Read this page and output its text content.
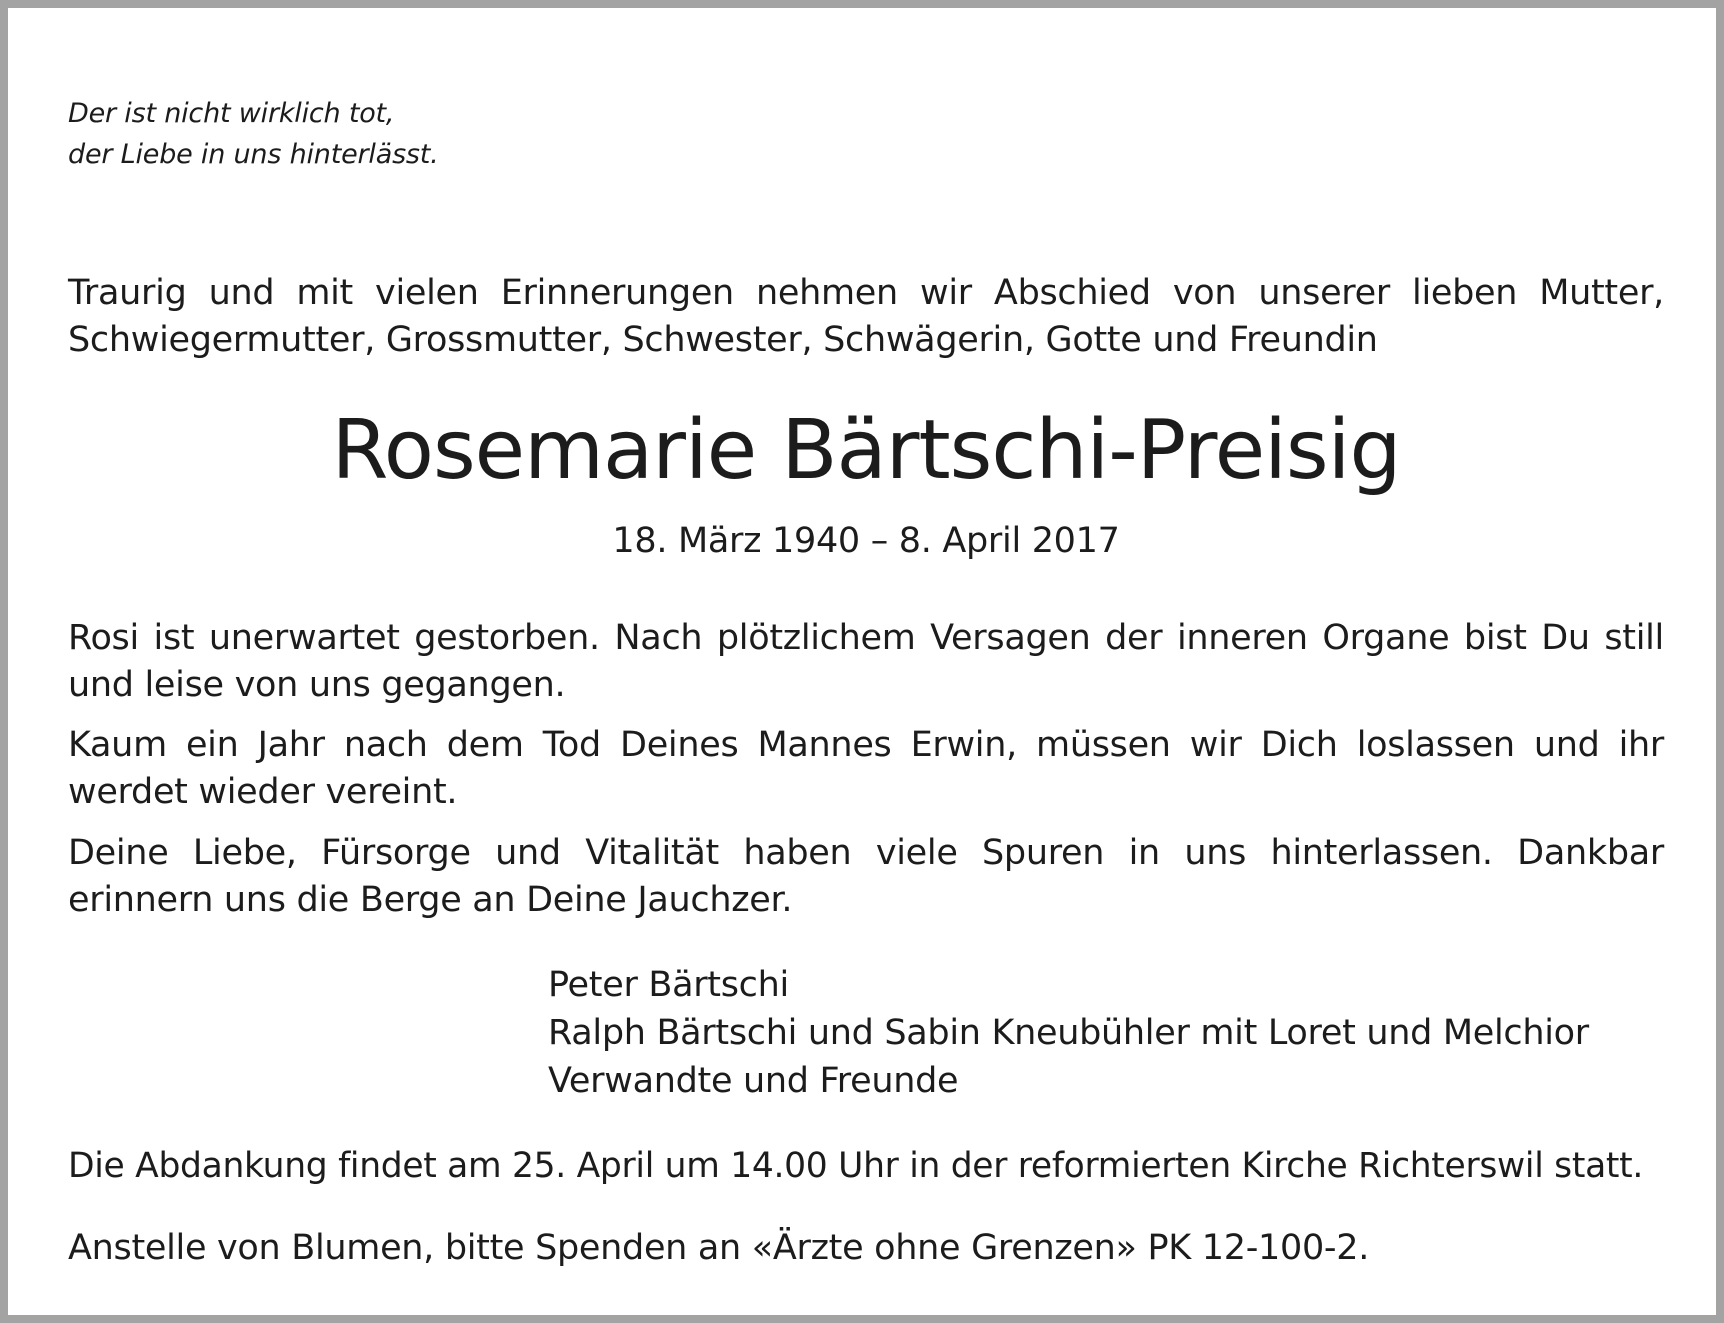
Der ist nicht wirklich tot,
der Liebe in uns hinterlässt.
Traurig und mit vielen Erinnerungen nehmen wir Abschied von unserer lieben Mutter,
Schwiegermutter, Grossmutter, Schwester, Schwägerin, Gotte und Freundin
Rosemarie Bärtschi-Preisig
18. März 1940 – 8. April 2017
Rosi ist unerwartet gestorben. Nach plötzlichem Versagen der inneren Organe bist Du still
und leise von uns gegangen.
Kaum ein Jahr nach dem Tod Deines Mannes Erwin, müssen wir Dich loslassen und ihr
werdet wieder vereint.
Deine Liebe, Fürsorge und Vitalität haben viele Spuren in uns hinterlassen. Dankbar
erinnern uns die Berge an Deine Jauchzer.
Peter Bärtschi
Ralph Bärtschi und Sabin Kneubühler mit Loret und Melchior
Verwandte und Freunde
Die Abdankung findet am 25. April um 14.00 Uhr in der reformierten Kirche Richterswil statt.
Anstelle von Blumen, bitte Spenden an «Ärzte ohne Grenzen» PK 12-100-2.
